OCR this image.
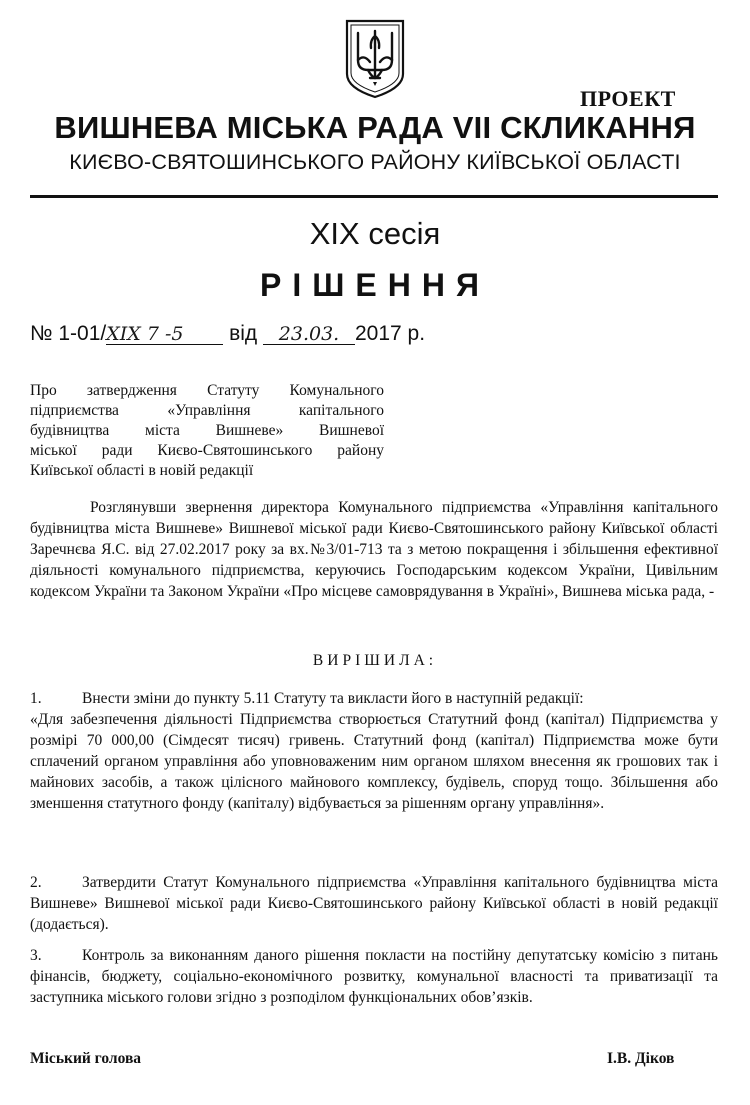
ПРОЕКТ
ВИШНЕВА МІСЬКА РАДА VII СКЛИКАННЯ
КИЄВО-СВЯТОШИНСЬКОГО РАЙОНУ КИЇВСЬКОЇ ОБЛАСТІ
XIX сесія
РІШЕННЯ
№ 1-01/XIX 7 -5 від 23.03. 2017 р.
Про затвердження Статуту Комунального
підприємства «Управління капітального
будівництва міста Вишневе» Вишневої
міської ради Києво-Святошинського району
Київської області в новій редакції
Розглянувши звернення директора Комунального підприємства «Управління капітального будівництва міста Вишневе» Вишневої міської ради Києво-Святошинського району Київської області Заречнєва Я.С. від 27.02.2017 року за вх.№3/01-713 та з метою покращення і збільшення ефективної діяльності комунального підприємства, керуючись Господарським кодексом України, Цивільним кодексом України та Законом України «Про місцеве самоврядування в Україні», Вишнева міська рада, -
ВИРІШИЛА:
1.	Внести зміни до пункту 5.11 Статуту та викласти його в наступній редакції:
«Для забезпечення діяльності Підприємства створюється Статутний фонд (капітал) Підприємства у розмірі 70 000,00 (Сімдесят тисяч) гривень. Статутний фонд (капітал) Підприємства може бути сплачений органом управління або уповноваженим ним органом шляхом внесення як грошових так і майнових засобів, а також цілісного майнового комплексу, будівель, споруд тощо. Збільшення або зменшення статутного фонду (капіталу) відбувається за рішенням органу управління».
2.	Затвердити Статут Комунального підприємства «Управління капітального будівництва міста Вишневе» Вишневої міської ради Києво-Святошинського району Київської області в новій редакції (додається).
3.	Контроль за виконанням даного рішення покласти на постійну депутатську комісію з питань фінансів, бюджету, соціально-економічного розвитку, комунальної власності та приватизації та заступника міського голови згідно з розподілом функціональних обов’язків.
Міський голова	І.В. Діков
